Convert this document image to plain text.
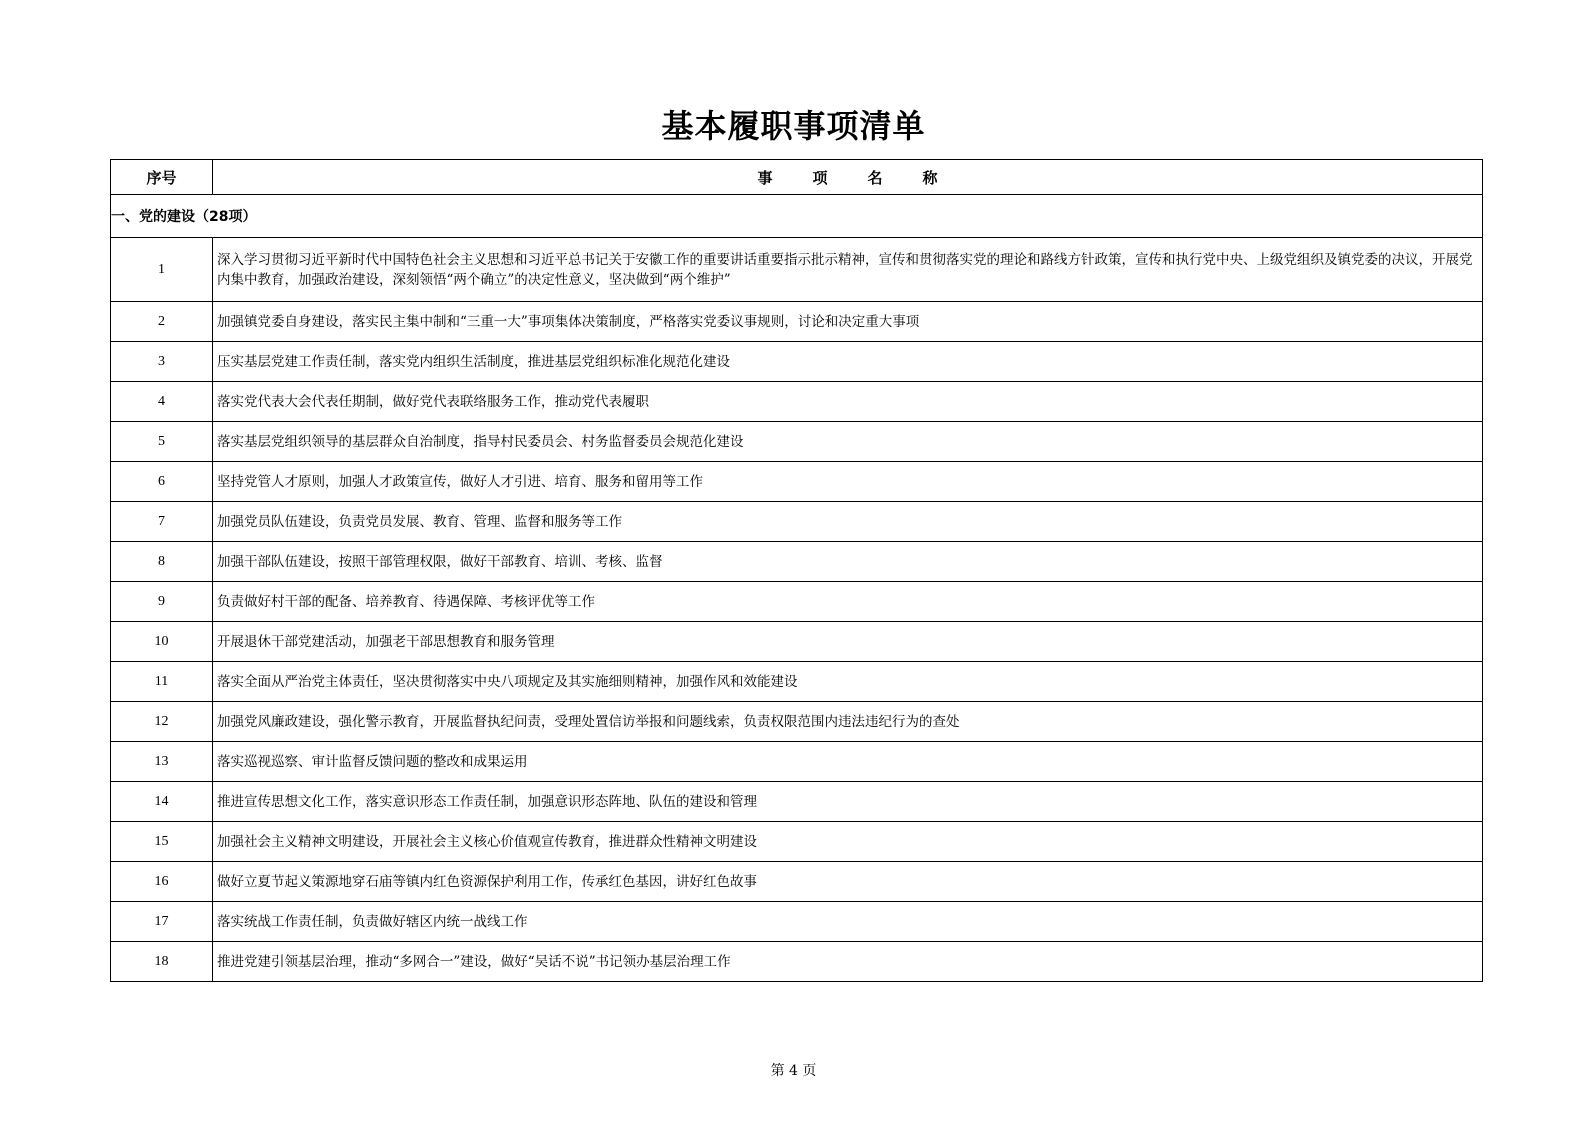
基本履职事项清单
序号	事 项 名 称
一、党的建设（28项）	
1	深入学习贯彻习近平新时代中国特色社会主义思想和习近平总书记关于安徽工作的重要讲话重要指示批示精神，宣传和贯彻落实党的理论和路线方针政策，宣传和执行党中央、上级党组织及镇党委的决议，开展党内集中教育，加强政治建设，深刻领悟“两个确立”的决定性意义，坚决做到“两个维护”
2	加强镇党委自身建设，落实民主集中制和“三重一大”事项集体决策制度，严格落实党委议事规则，讨论和决定重大事项
3	压实基层党建工作责任制，落实党内组织生活制度，推进基层党组织标准化规范化建设
4	落实党代表大会代表任期制，做好党代表联络服务工作，推动党代表履职
5	落实基层党组织领导的基层群众自治制度，指导村民委员会、村务监督委员会规范化建设
6	坚持党管人才原则，加强人才政策宣传，做好人才引进、培育、服务和留用等工作
7	加强党员队伍建设，负责党员发展、教育、管理、监督和服务等工作
8	加强干部队伍建设，按照干部管理权限，做好干部教育、培训、考核、监督
9	负责做好村干部的配备、培养教育、待遇保障、考核评优等工作
10	开展退休干部党建活动，加强老干部思想教育和服务管理
11	落实全面从严治党主体责任，坚决贯彻落实中央八项规定及其实施细则精神，加强作风和效能建设
12	加强党风廉政建设，强化警示教育，开展监督执纪问责，受理处置信访举报和问题线索，负责权限范围内违法违纪行为的查处
13	落实巡视巡察、审计监督反馈问题的整改和成果运用
14	推进宣传思想文化工作，落实意识形态工作责任制，加强意识形态阵地、队伍的建设和管理
15	加强社会主义精神文明建设，开展社会主义核心价值观宣传教育，推进群众性精神文明建设
16	做好立夏节起义策源地穿石庙等镇内红色资源保护利用工作，传承红色基因，讲好红色故事
17	落实统战工作责任制，负责做好辖区内统一战线工作
18	推进党建引领基层治理，推动“多网合一”建设，做好“吴话不说”书记领办基层治理工作
第 4 页
